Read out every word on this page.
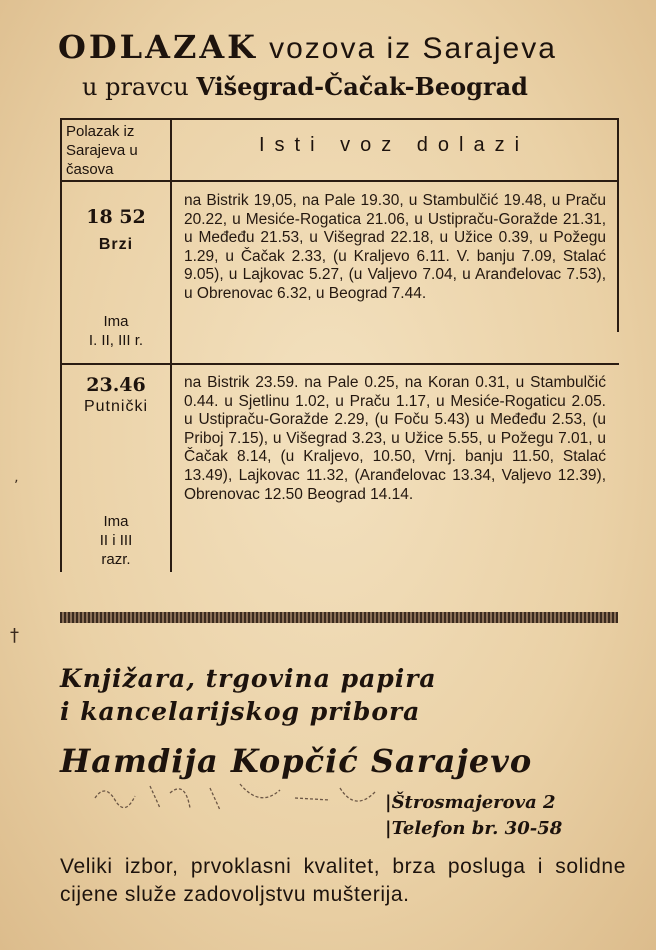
ODLAZAK vozova iz Sarajeva
u pravcu Višegrad-Čačak-Beograd
Polazak iz Sarajeva u časova
Isti voz dolazi
18 52
Brzi
Ima
I. II, III r.
na Bistrik 19,05, na Pale 19.30, u Stambulčić 19.48, u Praču 20.22, u Mesiće-Rogatica 21.06, u Ustipraču-Goražde 21.31, u Međeđu 21.53, u Višegrad 22.18, u Užice 0.39, u Požegu 1.29, u Čačak 2.33, (u Kraljevo 6.11. V. banju 7.09, Stalać 9.05), u Lajkovac 5.27, (u Valjevo 7.04, u Aranđelovac 7.53), u Obrenovac 6.32, u Beograd 7.44.
23.46
Putnički
Ima
II i III
razr.
na Bistrik 23.59. na Pale 0.25, na Koran 0.31, u Stambulčić 0.44. u Sjetlinu 1.02, u Praču 1.17, u Mesiće-Rogaticu 2.05. u Ustipraču-Goražde 2.29, (u Foču 5.43) u Međeđu 2.53, (u Priboj 7.15), u Višegrad 3.23, u Užice 5.55, u Požegu 7.01, u Čačak 8.14, (u Kraljevo, 10.50, Vrnj. banju 11.50, Stalać 13.49), Lajkovac 11.32, (Aranđelovac 13.34, Valjevo 12.39), Obrenovac 12.50 Beograd 14.14.
Knjižara, trgovina papira
i kancelarijskog pribora
Hamdija Kopčić Sarajevo
|Štrosmajerova 2
|Telefon br. 30-58
Veliki izbor, prvoklasni kvalitet, brza posluga i solidne cijene služe zadovoljstvu mušterija.
ʼ
†
